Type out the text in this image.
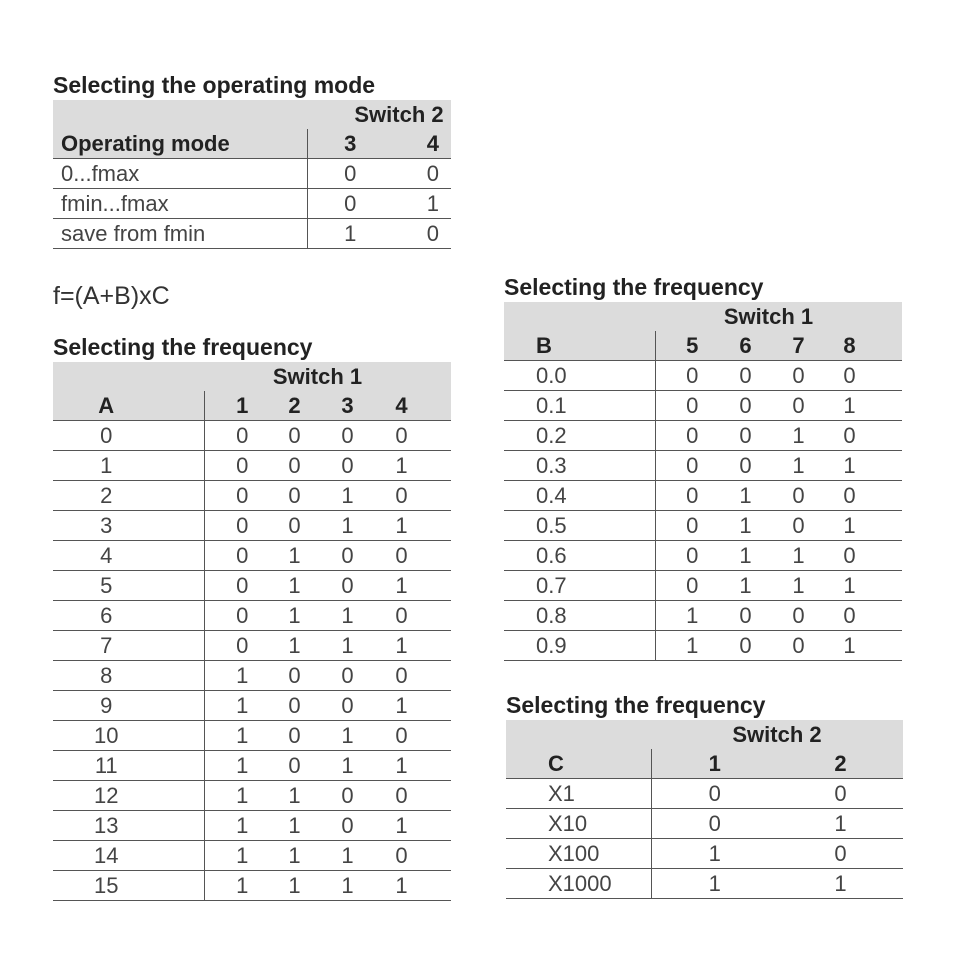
Selecting the operating mode
	Switch 2	
Operating mode	3	4
0...fmax	0	0
fmin...fmax	0	1
save from fmin	1	0
f=(A+B)xC
Selecting the frequency
	Switch 1			
A	1	2	3	4
0	0	0	0	0
1	0	0	0	1
2	0	0	1	0
3	0	0	1	1
4	0	1	0	0
5	0	1	0	1
6	0	1	1	0
7	0	1	1	1
8	1	0	0	0
9	1	0	0	1
10	1	0	1	0
11	1	0	1	1
12	1	1	0	0
13	1	1	0	1
14	1	1	1	0
15	1	1	1	1
Selecting the frequency
	Switch 1			
B	5	6	7	8
0.0	0	0	0	0
0.1	0	0	0	1
0.2	0	0	1	0
0.3	0	0	1	1
0.4	0	1	0	0
0.5	0	1	0	1
0.6	0	1	1	0
0.7	0	1	1	1
0.8	1	0	0	0
0.9	1	0	0	1
Selecting the frequency
	Switch 2	
C	1	2
X1	0	0
X10	0	1
X100	1	0
X1000	1	1
